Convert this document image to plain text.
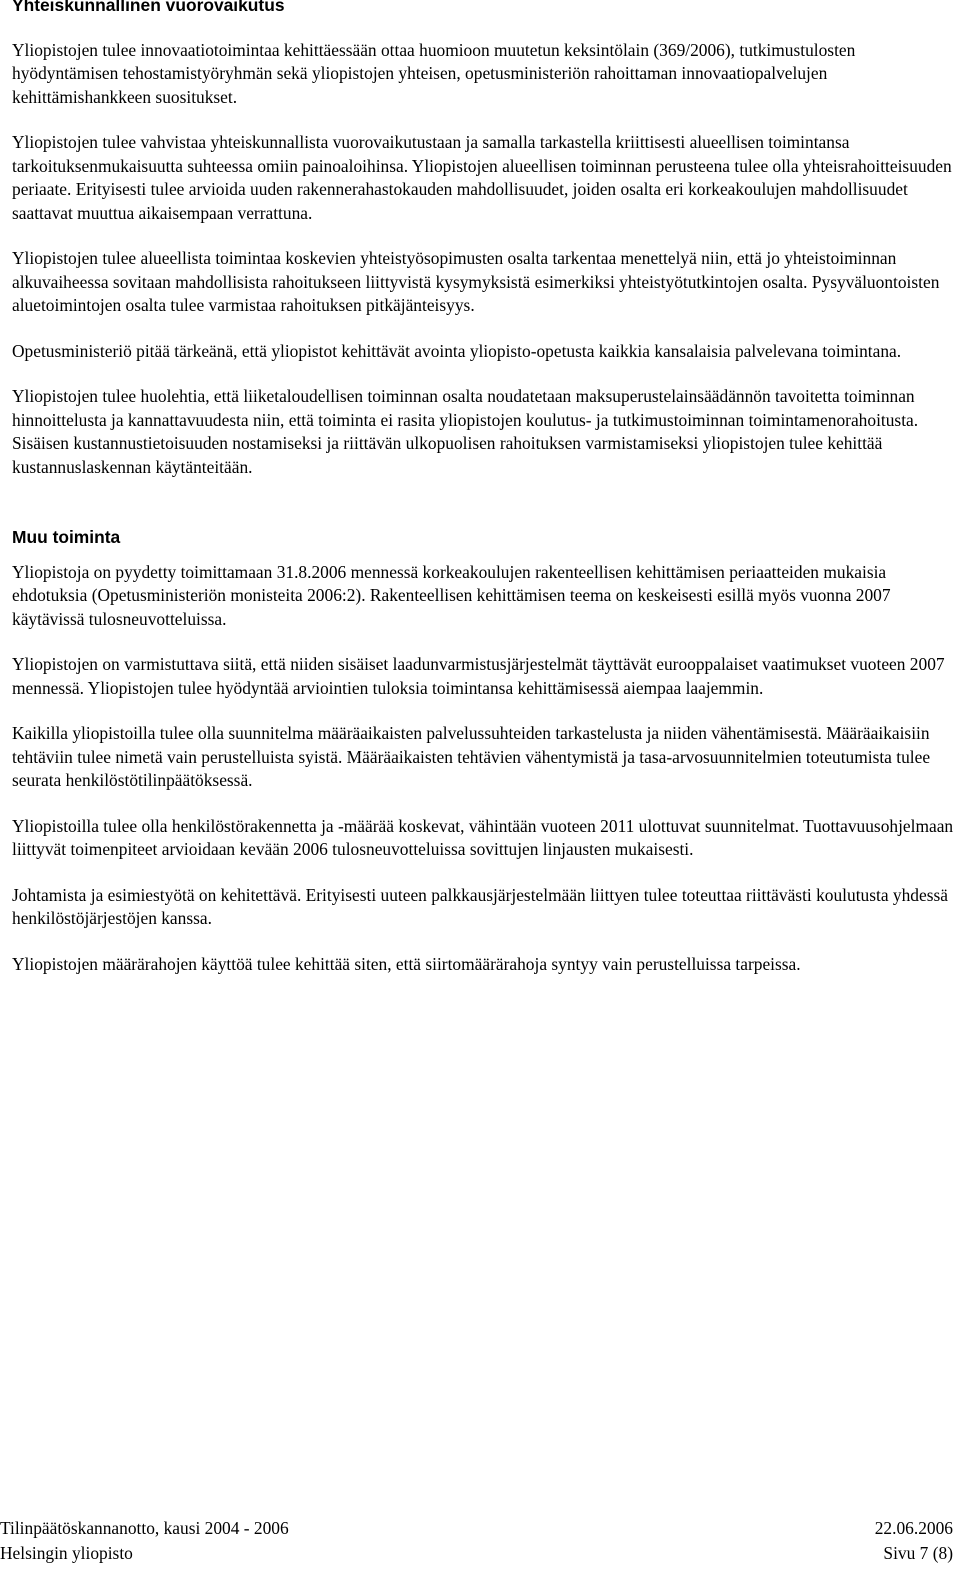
Yhteiskunnallinen vuorovaikutus

Yliopistojen tulee innovaatiotoimintaa kehittäessään ottaa huomioon muutetun keksintölain (369/2006), tutkimustulosten hyödyntämisen tehostamistyöryhmän sekä yliopistojen yhteisen, opetusministeriön rahoittaman innovaatiopalvelujen kehittämishankkeen suositukset.

Yliopistojen tulee vahvistaa yhteiskunnallista vuorovaikutustaan ja samalla tarkastella kriittisesti alueellisen toimintansa tarkoituksenmukaisuutta suhteessa omiin painoaloihinsa. Yliopistojen alueellisen toiminnan perusteena tulee olla yhteisrahoitteisuuden periaate. Erityisesti tulee arvioida uuden rakennerahastokauden mahdollisuudet, joiden osalta eri korkeakoulujen mahdollisuudet saattavat muuttua aikaisempaan verrattuna.

Yliopistojen tulee alueellista toimintaa koskevien yhteistyösopimusten osalta tarkentaa menettelyä niin, että jo yhteistoiminnan alkuvaiheessa sovitaan mahdollisista rahoitukseen liittyvistä kysymyksistä esimerkiksi yhteistyötutkintojen osalta. Pysyväluontoisten aluetoimintojen osalta tulee varmistaa rahoituksen pitkäjänteisyys.

Opetusministeriö pitää tärkeänä, että yliopistot kehittävät avointa yliopisto-opetusta kaikkia kansalaisia palvelevana toimintana.

Yliopistojen tulee huolehtia, että liiketaloudellisen toiminnan osalta noudatetaan maksuperustelainsäädännön tavoitetta toiminnan hinnoittelusta ja kannattavuudesta niin, että toiminta ei rasita yliopistojen koulutus- ja tutkimustoiminnan toimintamenorahoitusta. Sisäisen kustannustietoisuuden nostamiseksi ja riittävän ulkopuolisen rahoituksen varmistamiseksi yliopistojen tulee kehittää kustannuslaskennan käytänteitään.

Muu toiminta

Yliopistoja on pyydetty toimittamaan 31.8.2006 mennessä korkeakoulujen rakenteellisen kehittämisen periaatteiden mukaisia ehdotuksia (Opetusministeriön monisteita 2006:2). Rakenteellisen kehittämisen teema on keskeisesti esillä myös vuonna 2007 käytävissä tulosneuvotteluissa.

Yliopistojen on varmistuttava siitä, että niiden sisäiset laadunvarmistusjärjestelmät täyttävät eurooppalaiset vaatimukset vuoteen 2007 mennessä. Yliopistojen tulee hyödyntää arviointien tuloksia toimintansa kehittämisessä aiempaa laajemmin.

Kaikilla yliopistoilla tulee olla suunnitelma määräaikaisten palvelussuhteiden tarkastelusta ja niiden vähentämisestä. Määräaikaisiin tehtäviin tulee nimetä vain perustelluista syistä. Määräaikaisten tehtävien vähentymistä ja tasa-arvosuunnitelmien toteutumista tulee seurata henkilöstötilinpäätöksessä.

Yliopistoilla tulee olla henkilöstörakennetta ja -määrää koskevat, vähintään vuoteen 2011 ulottuvat suunnitelmat. Tuottavuusohjelmaan liittyvät toimenpiteet arvioidaan kevään 2006 tulosneuvotteluissa sovittujen linjausten mukaisesti.

Johtamista ja esimiestyötä on kehitettävä. Erityisesti uuteen palkkausjärjestelmään liittyen tulee toteuttaa riittävästi koulutusta yhdessä henkilöstöjärjestöjen kanssa.

Yliopistojen määrärahojen käyttöä tulee kehittää siten, että siirtomäärärahoja syntyy vain perustelluissa tarpeissa.

Tilinpäätöskannanotto, kausi 2004 - 2006	22.06.2006
Helsingin yliopisto	Sivu 7 (8)
